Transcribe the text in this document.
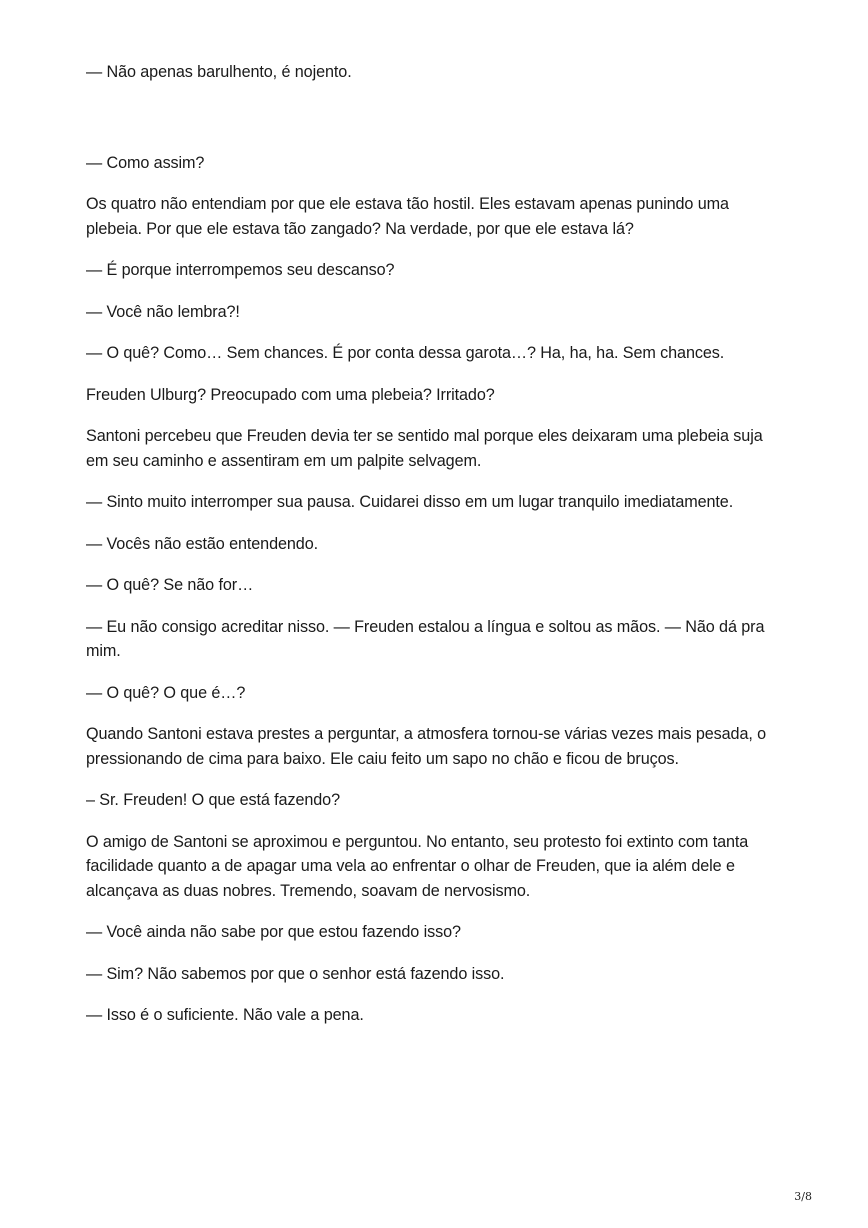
— Não apenas barulhento, é nojento.

— Como assim?

Os quatro não entendiam por que ele estava tão hostil. Eles estavam apenas punindo uma plebeia. Por que ele estava tão zangado? Na verdade, por que ele estava lá?

— É porque interrompemos seu descanso?

— Você não lembra?!

— O quê? Como… Sem chances. É por conta dessa garota…? Ha, ha, ha. Sem chances.

Freuden Ulburg? Preocupado com uma plebeia? Irritado?

Santoni percebeu que Freuden devia ter se sentido mal porque eles deixaram uma plebeia suja em seu caminho e assentiram em um palpite selvagem.

— Sinto muito interromper sua pausa. Cuidarei disso em um lugar tranquilo imediatamente.

— Vocês não estão entendendo.

— O quê? Se não for…

— Eu não consigo acreditar nisso. — Freuden estalou a língua e soltou as mãos. — Não dá pra mim.

— O quê? O que é…?

Quando Santoni estava prestes a perguntar, a atmosfera tornou-se várias vezes mais pesada, o pressionando de cima para baixo. Ele caiu feito um sapo no chão e ficou de bruços.

– Sr. Freuden! O que está fazendo?

O amigo de Santoni se aproximou e perguntou. No entanto, seu protesto foi extinto com tanta facilidade quanto a de apagar uma vela ao enfrentar o olhar de Freuden, que ia além dele e alcançava as duas nobres. Tremendo, soavam de nervosismo.

— Você ainda não sabe por que estou fazendo isso?

— Sim? Não sabemos por que o senhor está fazendo isso.

— Isso é o suficiente. Não vale a pena.

3/8
